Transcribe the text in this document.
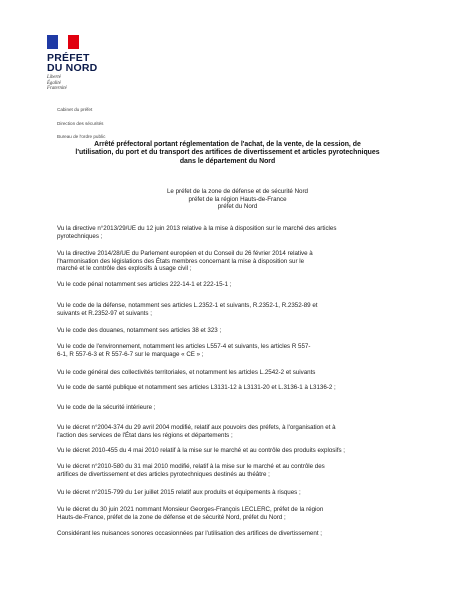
PRÉFET
DU NORD
Liberté
Égalité
Fraternité
Cabinet du préfet
Direction des sécurités
Bureau de l'ordre public
Arrêté préfectoral portant réglementation de l'achat, de la vente, de la cession, de
l'utilisation, du port et du transport des artifices de divertissement et articles pyrotechniques
dans le département du Nord
Le préfet de la zone de défense et de sécurité Nord
préfet de la région Hauts-de-France
préfet du Nord
Vu la directive n°2013/29/UE du 12 juin 2013 relative à la mise à disposition sur le marché des articles
pyrotechniques ;
Vu la directive 2014/28/UE du Parlement européen et du Conseil du 26 février 2014 relative à
l'harmonisation des législations des États membres concernant la mise à disposition sur le
marché et le contrôle des explosifs à usage civil ;
Vu le code pénal notamment ses articles 222-14-1 et 222-15-1 ;
Vu le code de la défense, notamment ses articles L.2352-1 et suivants, R.2352-1, R.2352-89 et
suivants et R.2352-97 et suivants ;
Vu le code des douanes, notamment ses articles 38 et 323 ;
Vu le code de l'environnement, notamment les articles L557-4 et suivants, les articles R 557-
6-1, R 557-6-3 et R 557-6-7 sur le marquage « CE » ;
Vu le code général des collectivités territoriales, et notamment les articles L.2542-2 et suivants
Vu le code de santé publique et notamment ses articles L3131-12 à L3131-20 et L.3136-1 à L3136-2 ;
Vu le code de la sécurité intérieure ;
Vu le décret n°2004-374 du 29 avril 2004 modifié, relatif aux pouvoirs des préfets, à l'organisation et à
l'action des services de l'État dans les régions et départements ;
Vu le décret 2010-455 du 4 mai 2010 relatif à la mise sur le marché et au contrôle des produits explosifs ;
Vu le décret n°2010-580 du 31 mai 2010 modifié, relatif à la mise sur le marché et au contrôle des
artifices de divertissement et des articles pyrotechniques destinés au théâtre ;
Vu le décret n°2015-799 du 1er juillet 2015 relatif aux produits et équipements à risques ;
Vu le décret du 30 juin 2021 nommant Monsieur Georges-François LECLERC, préfet de la région
Hauts-de-France, préfet de la zone de défense et de sécurité Nord, préfet du Nord ;
Considérant les nuisances sonores occasionnées par l'utilisation des artifices de divertissement ;
